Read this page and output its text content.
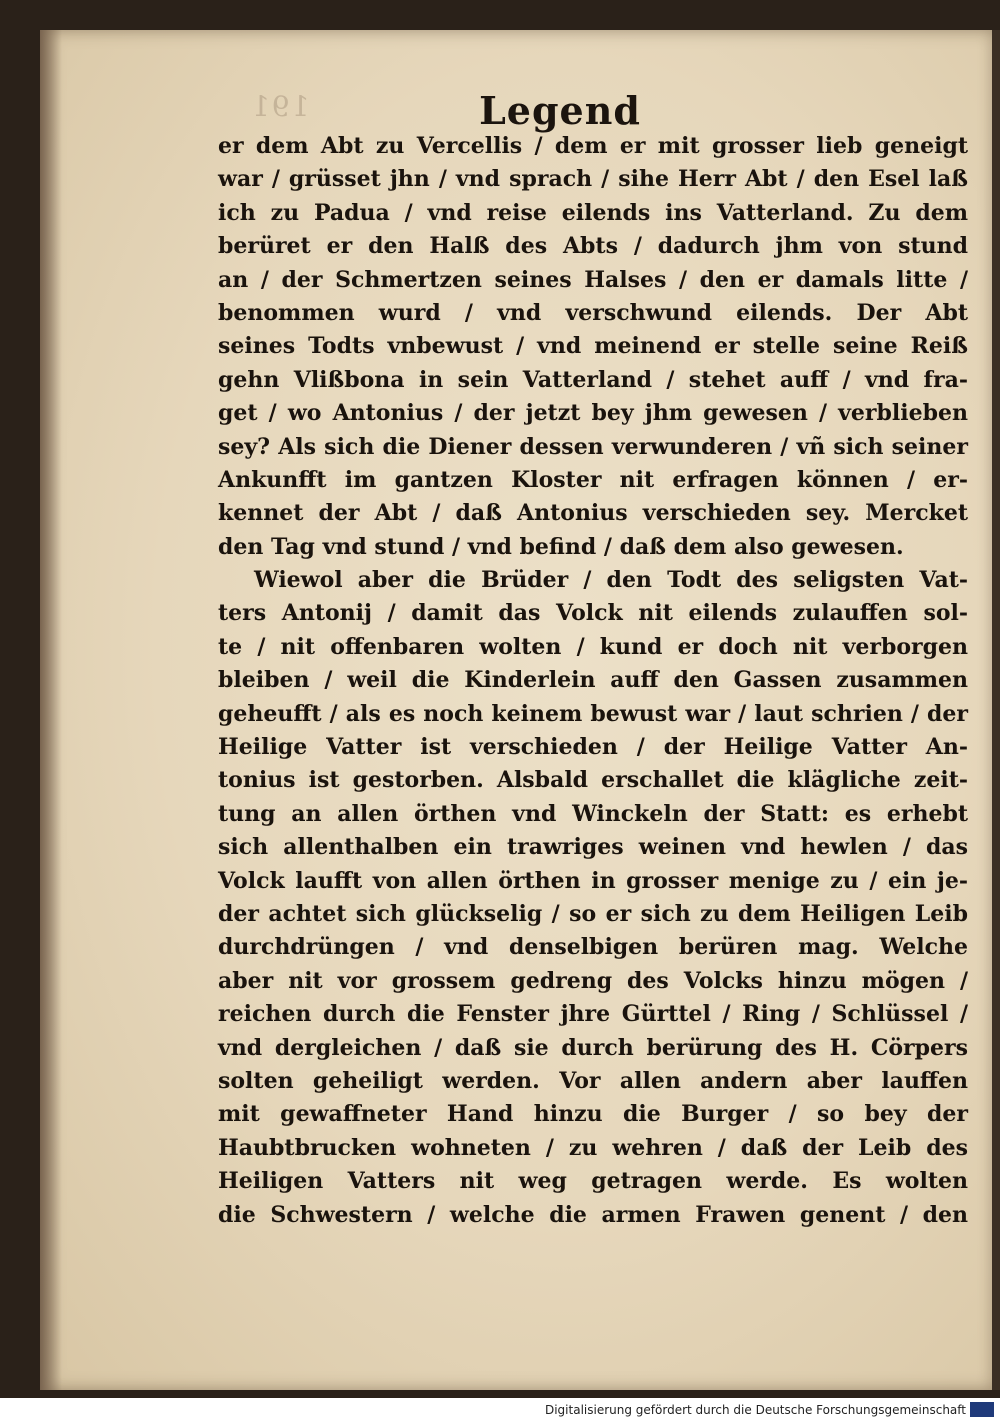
191	Legend
er dem Abt zu Vercellis / dem er mit grosser lieb geneigt
war / grüsset jhn / vnd sprach / sihe Herr Abt / den Esel laß
ich zu Padua / vnd reise eilends ins Vatterland. Zu dem
berüret er den Halß des Abts / dadurch jhm von stund
an / der Schmertzen seines Halses / den er damals litte /
benommen wurd / vnd verschwund eilends. Der Abt
seines Todts vnbewust / vnd meinend er stelle seine Reiß
gehn Vlißbona in sein Vatterland / stehet auff / vnd fra-
get / wo Antonius / der jetzt bey jhm gewesen / verblieben
sey? Als sich die Diener dessen verwunderen / vñ sich seiner
Ankunfft im gantzen Kloster nit erfragen können / er-
kennet der Abt / daß Antonius verschieden sey. Mercket
den Tag vnd stund / vnd befind / daß dem also gewesen.
Wiewol aber die Brüder / den Todt des seligsten Vat-
ters Antonij / damit das Volck nit eilends zulauffen sol-
te / nit offenbaren wolten / kund er doch nit verborgen
bleiben / weil die Kinderlein auff den Gassen zusammen
geheufft / als es noch keinem bewust war / laut schrien / der
Heilige Vatter ist verschieden / der Heilige Vatter An-
tonius ist gestorben. Alsbald erschallet die klägliche zeit-
tung an allen örthen vnd Winckeln der Statt: es erhebt
sich allenthalben ein trawriges weinen vnd hewlen / das
Volck laufft von allen örthen in grosser menige zu / ein je-
der achtet sich glückselig / so er sich zu dem Heiligen Leib
durchdrüngen / vnd denselbigen berüren mag. Welche
aber nit vor grossem gedreng des Volcks hinzu mögen /
reichen durch die Fenster jhre Gürttel / Ring / Schlüssel /
vnd dergleichen / daß sie durch berürung des H. Cörpers
solten geheiligt werden. Vor allen andern aber lauffen
mit gewaffneter Hand hinzu die Burger / so bey der
Haubtbrucken wohneten / zu wehren / daß der Leib des
Heiligen Vatters nit weg getragen werde. Es wolten
die Schwestern / welche die armen Frawen genent / den
Digitalisierung gefördert durch die Deutsche Forschungsgemeinschaft
